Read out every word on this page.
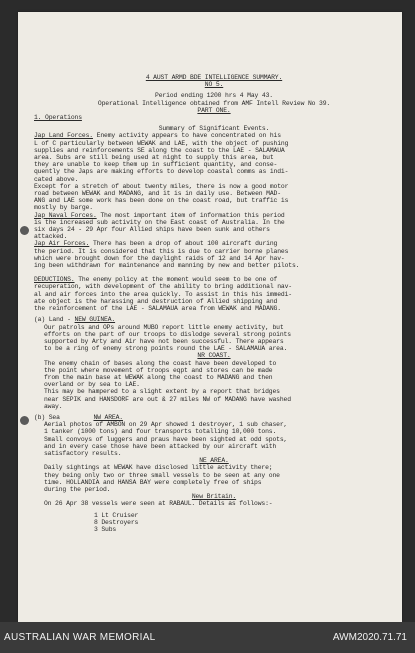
4 AUST ARMD BDE INTELLIGENCE SUMMARY.

NO 5.

Period ending 1200 hrs 4 May 43.

Operational Intelligence obtained from AMF Intell Review No 39.

PART ONE.

1. Operations

Summary of Significant Events.

Jap Land Forces. Enemy activity appears to have concentrated on his

L of C particularly between WEWAK and LAE, with the object of pushing

supplies and reinforcements SE along the coast to the LAE - SALAMAUA

area. Subs are still being used at night to supply this area, but

they are unable to keep them up in sufficient quantity, and conse-

quently the Japs are making efforts to develop coastal comms as indi-

cated above.

Except for a stretch of about twenty miles, there is now a good motor

road between WEWAK and MADANG, and it is in daily use. Between MAD-

ANG and LAE some work has been done on the coast road, but traffic is

mostly by barge.

Jap Naval Forces. The most important item of information this period

is the increased sub activity on the East coast of Australia. In the

six days 24 - 29 Apr four Allied ships have been sunk and others

attacked.

Jap Air Forces. There has been a drop of about 100 aircraft during

the period. It is considered that this is due to carrier borne planes

which were brought down for the daylight raids of 12 and 14 Apr hav-

ing been withdrawn for maintenance and manning by new and better pilots.

DEDUCTIONS. The enemy policy at the moment would seem to be one of

recuperation, with development of the ability to bring additional nav-

al and air forces into the area quickly. To assist in this his immedi-

ate object is the harassing and destruction of Allied shipping and

the reinforcement of the LAE - SALAMAUA area from WEWAK and MADANG.

(a) Land - NEW GUINEA.

Our patrols and OPs around MUBO report little enemy activity, but

efforts on the part of our troops to dislodge several strong points

supported by Arty and Air have not been successful. There appears

to be a ring of enemy strong points round the LAE - SALAMAUA area.

NR COAST.

The enemy chain of bases along the coast have been developed to

the point where movement of troops eqpt and stores can be made

from the main base at WEWAK along the coast to MADANG and then

overland or by sea to LAE.

This may be hampered to a slight extent by a report that bridges

near SEPIK and HANSDORF are out & 27 miles NW of MADANG have washed

away.

(b) Sea	NW AREA.

Aerial photos of AMBON on 29 Apr showed 1 destroyer, 1 sub chaser,

1 tanker (1000 tons) and four transports totalling 10,000 tons.

Small convoys of luggers and praus have been sighted at odd spots,

and in every case those have been attacked by our aircraft with

satisfactory results.

NE AREA.

Daily sightings at WEWAK have disclosed little activity there;

they being only two or three small vessels to be seen at any one

time. HOLLANDIA and HANSA BAY were completely free of ships

during the period.

New Britain.

On 26 Apr 38 vessels were seen at RABAUL. Details as follows:-

1 Lt Cruiser

8 Destroyers

3 Subs

AUSTRALIAN WAR MEMORIAL	AWM2020.71.71
